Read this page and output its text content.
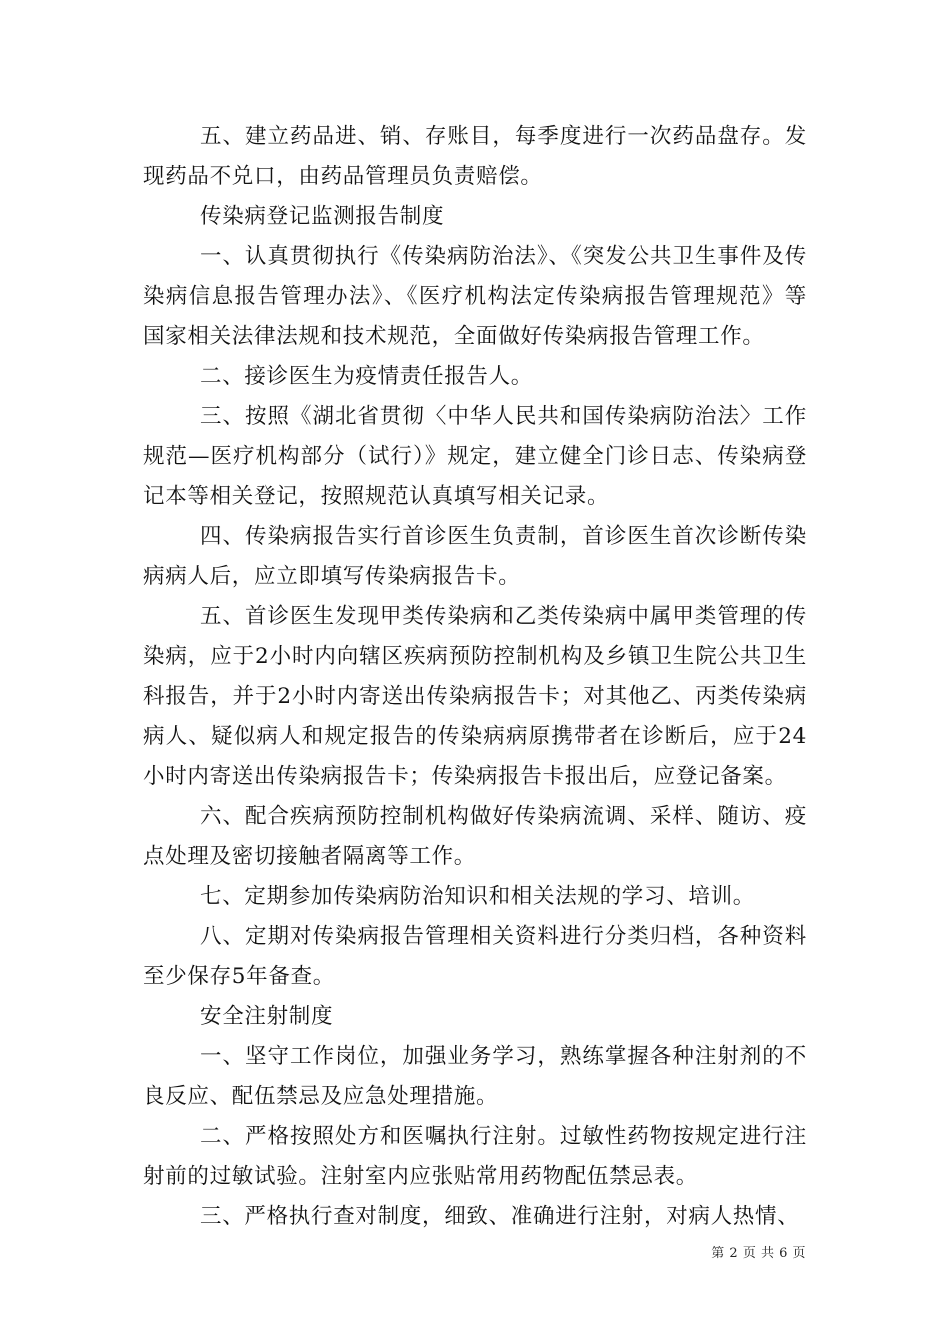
五、建立药品进、销、存账目，每季度进行一次药品盘存。发现药品不兑口，由药品管理员负责赔偿。

传染病登记监测报告制度

一、认真贯彻执行《传染病防治法》、《突发公共卫生事件及传染病信息报告管理办法》、《医疗机构法定传染病报告管理规范》等国家相关法律法规和技术规范，全面做好传染病报告管理工作。

二、接诊医生为疫情责任报告人。

三、按照《湖北省贯彻〈中华人民共和国传染病防治法〉工作规范—医疗机构部分（试行）》规定，建立健全门诊日志、传染病登记本等相关登记，按照规范认真填写相关记录。

四、传染病报告实行首诊医生负责制，首诊医生首次诊断传染病病人后，应立即填写传染病报告卡。

五、首诊医生发现甲类传染病和乙类传染病中属甲类管理的传染病，应于2小时内向辖区疾病预防控制机构及乡镇卫生院公共卫生科报告，并于2小时内寄送出传染病报告卡；对其他乙、丙类传染病病人、疑似病人和规定报告的传染病病原携带者在诊断后，应于24小时内寄送出传染病报告卡；传染病报告卡报出后，应登记备案。

六、配合疾病预防控制机构做好传染病流调、采样、随访、疫点处理及密切接触者隔离等工作。

七、定期参加传染病防治知识和相关法规的学习、培训。

八、定期对传染病报告管理相关资料进行分类归档，各种资料至少保存5年备查。

安全注射制度

一、坚守工作岗位，加强业务学习，熟练掌握各种注射剂的不良反应、配伍禁忌及应急处理措施。

二、严格按照处方和医嘱执行注射。过敏性药物按规定进行注射前的过敏试验。注射室内应张贴常用药物配伍禁忌表。

三、严格执行查对制度，细致、准确进行注射，对病人热情、

第 2 页 共 6 页
